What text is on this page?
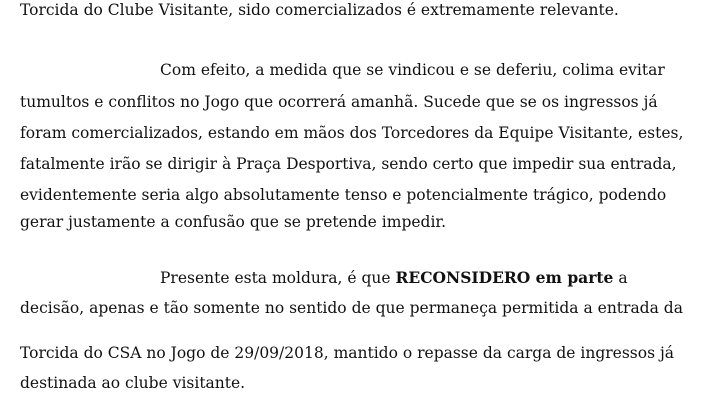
Torcida do Clube Visitante, sido comercializados é extremamente relevante.
Com efeito, a medida que se vindicou e se deferiu, colima evitar
tumultos e conflitos no Jogo que ocorrerá amanhã. Sucede que se os ingressos já
foram comercializados, estando em mãos dos Torcedores da Equipe Visitante, estes,
fatalmente irão se dirigir à Praça Desportiva, sendo certo que impedir sua entrada,
evidentemente seria algo absolutamente tenso e potencialmente trágico, podendo
gerar justamente a confusão que se pretende impedir.
Presente esta moldura, é que RECONSIDERO em parte a
decisão, apenas e tão somente no sentido de que permaneça permitida a entrada da
Torcida do CSA no Jogo de 29/09/2018, mantido o repasse da carga de ingressos já
destinada ao clube visitante.
